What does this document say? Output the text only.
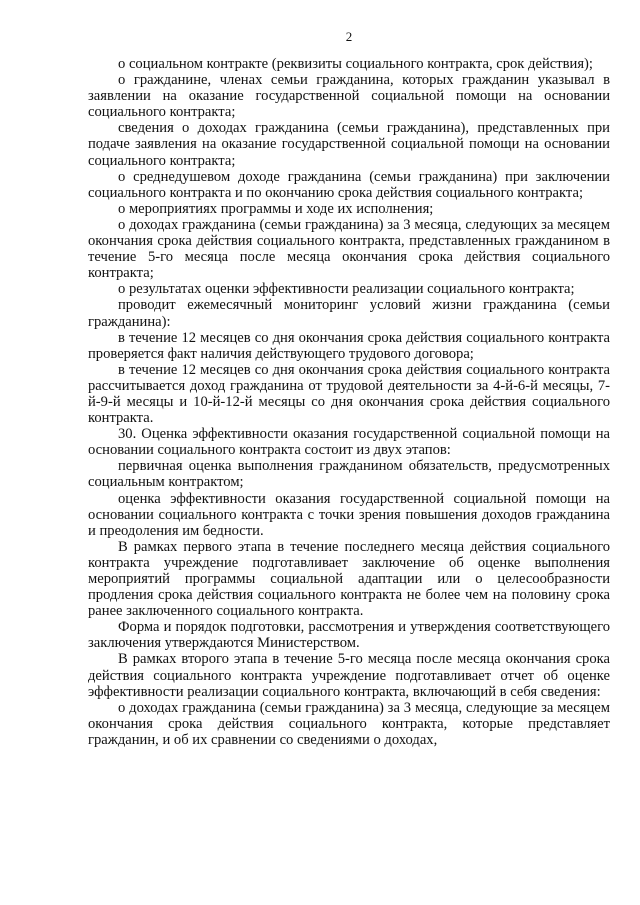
2

о социальном контракте (реквизиты социального контракта, срок действия);

о гражданине, членах семьи гражданина, которых гражданин указывал в заявлении на оказание государственной социальной помощи на основании социального контракта;

сведения о доходах гражданина (семьи гражданина), представленных при подаче заявления на оказание государственной социальной помощи на основании социального контракта;

о среднедушевом доходе гражданина (семьи гражданина) при заключении социального контракта и по окончанию срока действия социального контракта;

о мероприятиях программы и ходе их исполнения;

о доходах гражданина (семьи гражданина) за 3 месяца, следующих за месяцем окончания срока действия социального контракта, представленных гражданином в течение 5-го месяца после месяца окончания срока действия социального контракта;

о результатах оценки эффективности реализации социального контракта;

проводит ежемесячный мониторинг условий жизни гражданина (семьи гражданина):

в течение 12 месяцев со дня окончания срока действия социального контракта проверяется факт наличия действующего трудового договора;

в течение 12 месяцев со дня окончания срока действия социального контракта рассчитывается доход гражданина от трудовой деятельности за 4-й-6-й месяцы, 7-й-9-й месяцы и 10-й-12-й месяцы со дня окончания срока действия социального контракта.

30. Оценка эффективности оказания государственной социальной помощи на основании социального контракта состоит из двух этапов:

первичная оценка выполнения гражданином обязательств, предусмотренных социальным контрактом;

оценка эффективности оказания государственной социальной помощи на основании социального контракта с точки зрения повышения доходов гражданина и преодоления им бедности.

В рамках первого этапа в течение последнего месяца действия социального контракта учреждение подготавливает заключение об оценке выполнения мероприятий программы социальной адаптации или о целесообразности продления срока действия социального контракта не более чем на половину срока ранее заключенного социального контракта.

Форма и порядок подготовки, рассмотрения и утверждения соответствующего заключения утверждаются Министерством.

В рамках второго этапа в течение 5-го месяца после месяца окончания срока действия социального контракта учреждение подготавливает отчет об оценке эффективности реализации социального контракта, включающий в себя сведения:

о доходах гражданина (семьи гражданина) за 3 месяца, следующие за месяцем окончания срока действия социального контракта, которые представляет гражданин, и об их сравнении со сведениями о доходах,
